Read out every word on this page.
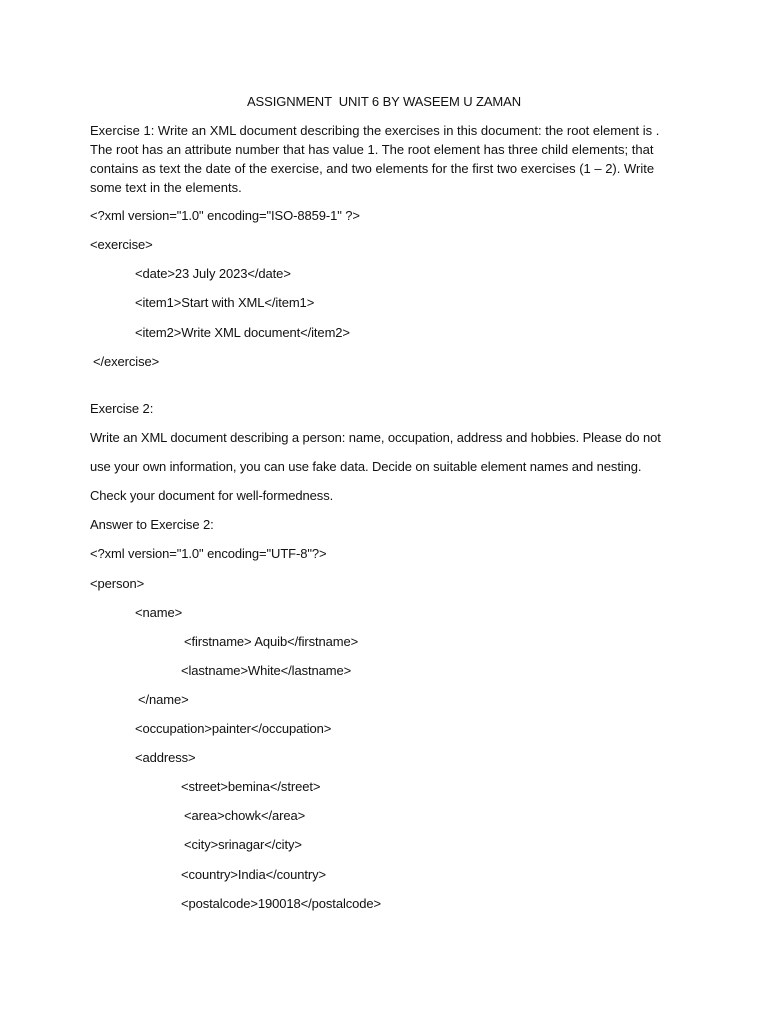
ASSIGNMENT  UNIT 6 BY WASEEM U ZAMAN
Exercise 1: Write an XML document describing the exercises in this document: the root element is . The root has an attribute number that has value 1. The root element has three child elements; that contains as text the date of the exercise, and two elements for the first two exercises (1 – 2). Write some text in the elements.
<?xml version="1.0" encoding="ISO-8859-1" ?>
<exercise>
<date>23 July 2023</date>
<item1>Start with XML</item1>
<item2>Write XML document</item2>
</exercise>
Exercise 2:
Write an XML document describing a person: name, occupation, address and hobbies. Please do not
use your own information, you can use fake data. Decide on suitable element names and nesting.
Check your document for well-formedness.
Answer to Exercise 2:
<?xml version="1.0" encoding="UTF-8"?>
<person>
<name>
<firstname> Aquib</firstname>
<lastname>White</lastname>
</name>
<occupation>painter</occupation>
<address>
<street>bemina</street>
<area>chowk</area>
<city>srinagar</city>
<country>India</country>
<postalcode>190018</postalcode>
